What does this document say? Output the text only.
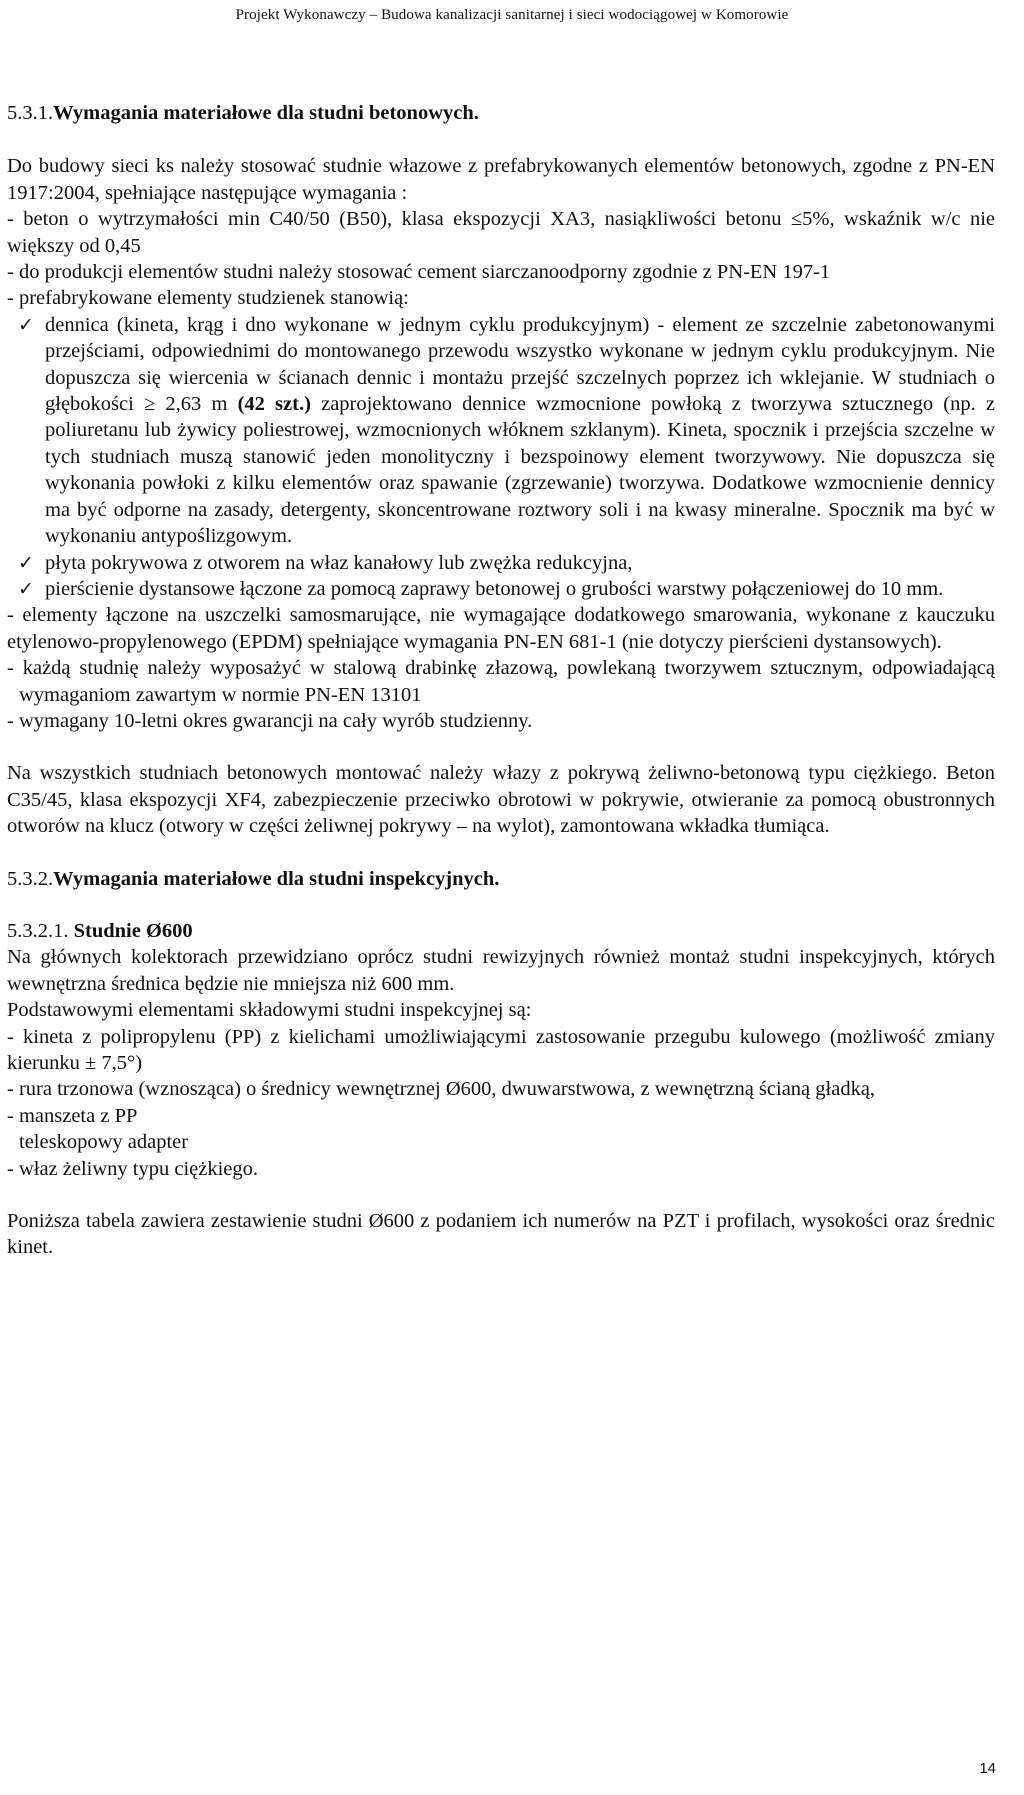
Projekt Wykonawczy – Budowa kanalizacji sanitarnej i sieci wodociągowej w Komorowie

5.3.1.Wymagania materiałowe dla studni betonowych.

Do budowy sieci ks należy stosować studnie włazowe z prefabrykowanych elementów betonowych, zgodne z PN-EN 1917:2004, spełniające następujące wymagania :

- beton o wytrzymałości min C40/50 (B50), klasa ekspozycji XA3, nasiąkliwości betonu ≤5%, wskaźnik w/c nie większy od 0,45

- do produkcji elementów studni należy stosować cement siarczanoodporny zgodnie z PN-EN 197-1

- prefabrykowane elementy studzienek stanowią:

✓ dennica (kineta, krąg i dno wykonane w jednym cyklu produkcyjnym) - element ze szczelnie zabetonowanymi przejściami, odpowiednimi do montowanego przewodu wszystko wykonane w jednym cyklu produkcyjnym. Nie dopuszcza się wiercenia w ścianach dennic i montażu przejść szczelnych poprzez ich wklejanie. W studniach o głębokości ≥ 2,63 m (42 szt.) zaprojektowano dennice wzmocnione powłoką z tworzywa sztucznego (np. z poliuretanu lub żywicy poliestrowej, wzmocnionych włóknem szklanym). Kineta, spocznik i przejścia szczelne w tych studniach muszą stanowić jeden monolityczny i bezspoinowy element tworzywowy. Nie dopuszcza się wykonania powłoki z kilku elementów oraz spawanie (zgrzewanie) tworzywa. Dodatkowe wzmocnienie dennicy ma być odporne na zasady, detergenty, skoncentrowane roztwory soli i na kwasy mineralne. Spocznik ma być w wykonaniu antypoślizgowym.
✓ płyta pokrywowa z otworem na właz kanałowy lub zwężka redukcyjna,
✓ pierścienie dystansowe łączone za pomocą zaprawy betonowej o grubości warstwy połączeniowej do 10 mm.

- elementy łączone na uszczelki samosmarujące, nie wymagające dodatkowego smarowania, wykonane z kauczuku etylenowo-propylenowego (EPDM) spełniające wymagania PN-EN 681-1 (nie dotyczy pierścieni dystansowych).

- każdą studnię należy wyposażyć w stalową drabinkę złazową, powlekaną tworzywem sztucznym, odpowiadającą wymaganiom zawartym w normie PN-EN 13101

- wymagany 10-letni okres gwarancji na cały wyrób studzienny.

Na wszystkich studniach betonowych montować należy włazy z pokrywą żeliwno-betonową typu ciężkiego. Beton C35/45, klasa ekspozycji XF4, zabezpieczenie przeciwko obrotowi w pokrywie, otwieranie za pomocą obustronnych otworów na klucz (otwory w części żeliwnej pokrywy – na wylot), zamontowana wkładka tłumiąca.

5.3.2.Wymagania materiałowe dla studni inspekcyjnych.

5.3.2.1. Studnie Ø600

Na głównych kolektorach przewidziano oprócz studni rewizyjnych również montaż studni inspekcyjnych, których wewnętrzna średnica będzie nie mniejsza niż 600 mm.

Podstawowymi elementami składowymi studni inspekcyjnej są:

- kineta z polipropylenu (PP) z kielichami umożliwiającymi zastosowanie przegubu kulowego (możliwość zmiany kierunku ± 7,5°)

- rura trzonowa (wznosząca) o średnicy wewnętrznej Ø600, dwuwarstwowa, z wewnętrzną ścianą gładką,

- manszeta z PP

teleskopowy adapter

- właz żeliwny typu ciężkiego.

Poniższa tabela zawiera zestawienie studni Ø600 z podaniem ich numerów na PZT i profilach, wysokości oraz średnic kinet.

14
